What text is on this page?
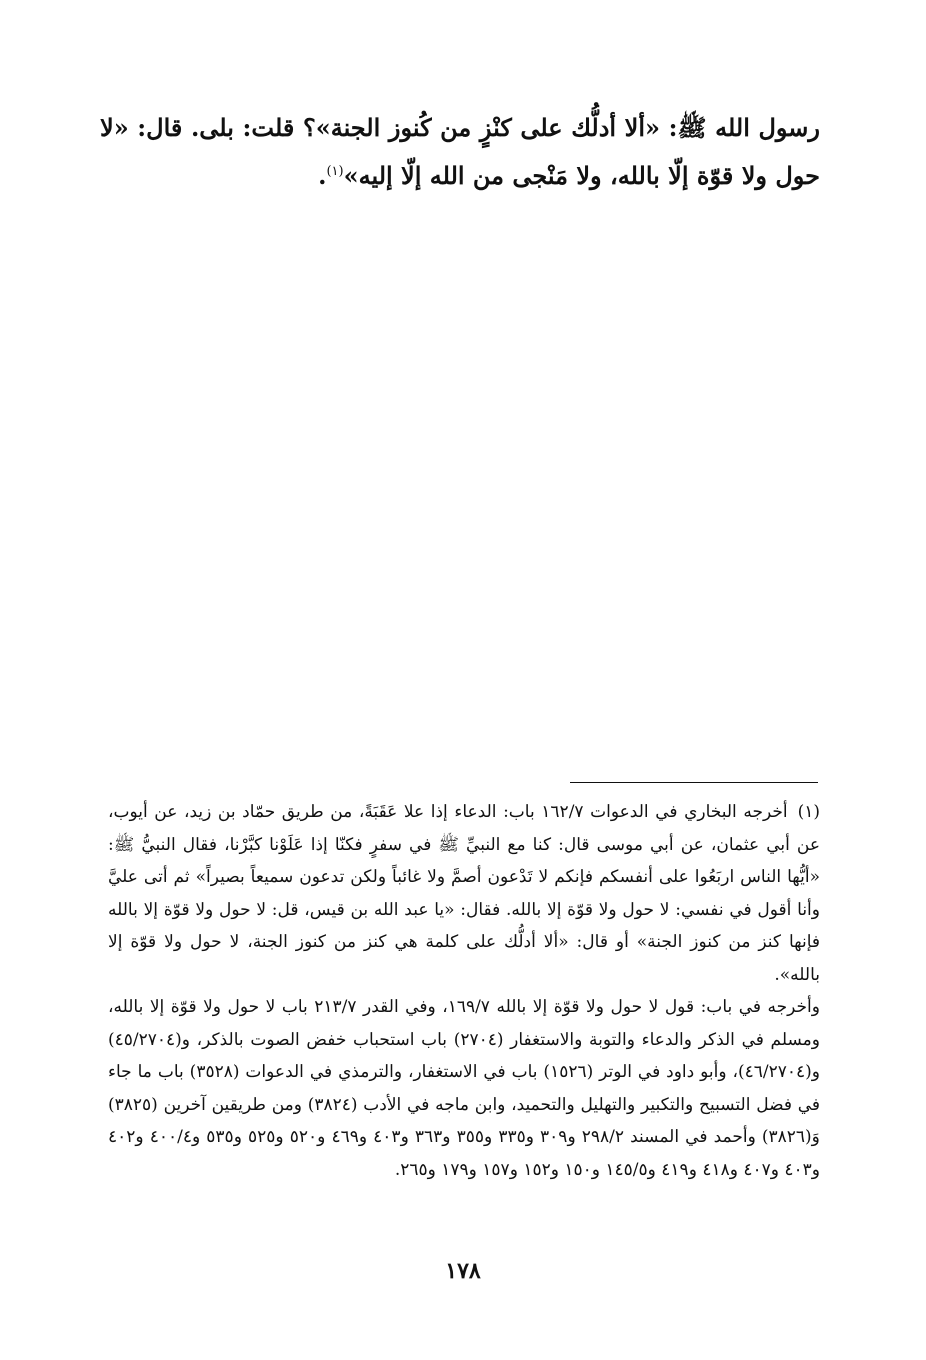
رسول الله ﷺ: «ألا أدلُّك على كنْزٍ من كُنوز الجنة»؟ قلت: بلى. قال: «لا حول ولا قوّة إلّا بالله، ولا مَنْجى من الله إلّا إليه»$^{(١)}$.

(١)أخرجه البخاري في الدعوات ١٦٢/٧ باب: الدعاء إذا علا عَقَبَةً، من طريق حمّاد بن زيد، عن أيوب، عن أبي عثمان، عن أبي موسى قال: كنا مع النبيِّ ﷺ في سفرٍ فكنّا إذا عَلَوْنا كبَّرْنا، فقال النبيُّ ﷺ: «أيُّها الناس اربَعُوا على أنفسكم فإنكم لا تَدْعون أصمَّ ولا غائباً ولكن تدعون سميعاً بصيراً» ثم أتى عليَّ وأنا أقول في نفسي: لا حول ولا قوّة إلا بالله. فقال: «يا عبد الله بن قيس، قل: لا حول ولا قوّة إلا بالله فإنها كنز من كنوز الجنة» أو قال: «ألا أدلُّك على كلمة هي كنز من كنوز الجنة، لا حول ولا قوّة إلا بالله».

وأخرجه في باب: قول لا حول ولا قوّة إلا بالله ١٦٩/٧، وفي القدر ٢١٣/٧ باب لا حول ولا قوّة إلا بالله، ومسلم في الذكر والدعاء والتوبة والاستغفار (٢٧٠٤) باب استحباب خفض الصوت بالذكر، و(٤٥/٢٧٠٤) و(٤٦/٢٧٠٤)، وأبو داود في الوتر (١٥٢٦) باب في الاستغفار، والترمذي في الدعوات (٣٥٢٨) باب ما جاء في فضل التسبيح والتكبير والتهليل والتحميد، وابن ماجه في الأدب (٣٨٢٤) ومن طريقين آخرين (٣٨٢٥) وَ(٣٨٢٦) وأحمد في المسند ٢٩٨/٢ و٣٠٩ و٣٣٥ و٣٥٥ و٣٦٣ و٤٠٣ و٤٦٩ و٥٢٠ و٥٢٥ و٥٣٥ و٤٠٠/٤ و٤٠٢ و٤٠٣ و٤٠٧ و٤١٨ و٤١٩ و١٤٥/٥ و١٥٠ و١٥٢ و١٥٧ و١٧٩ و٢٦٥.

١٧٨
